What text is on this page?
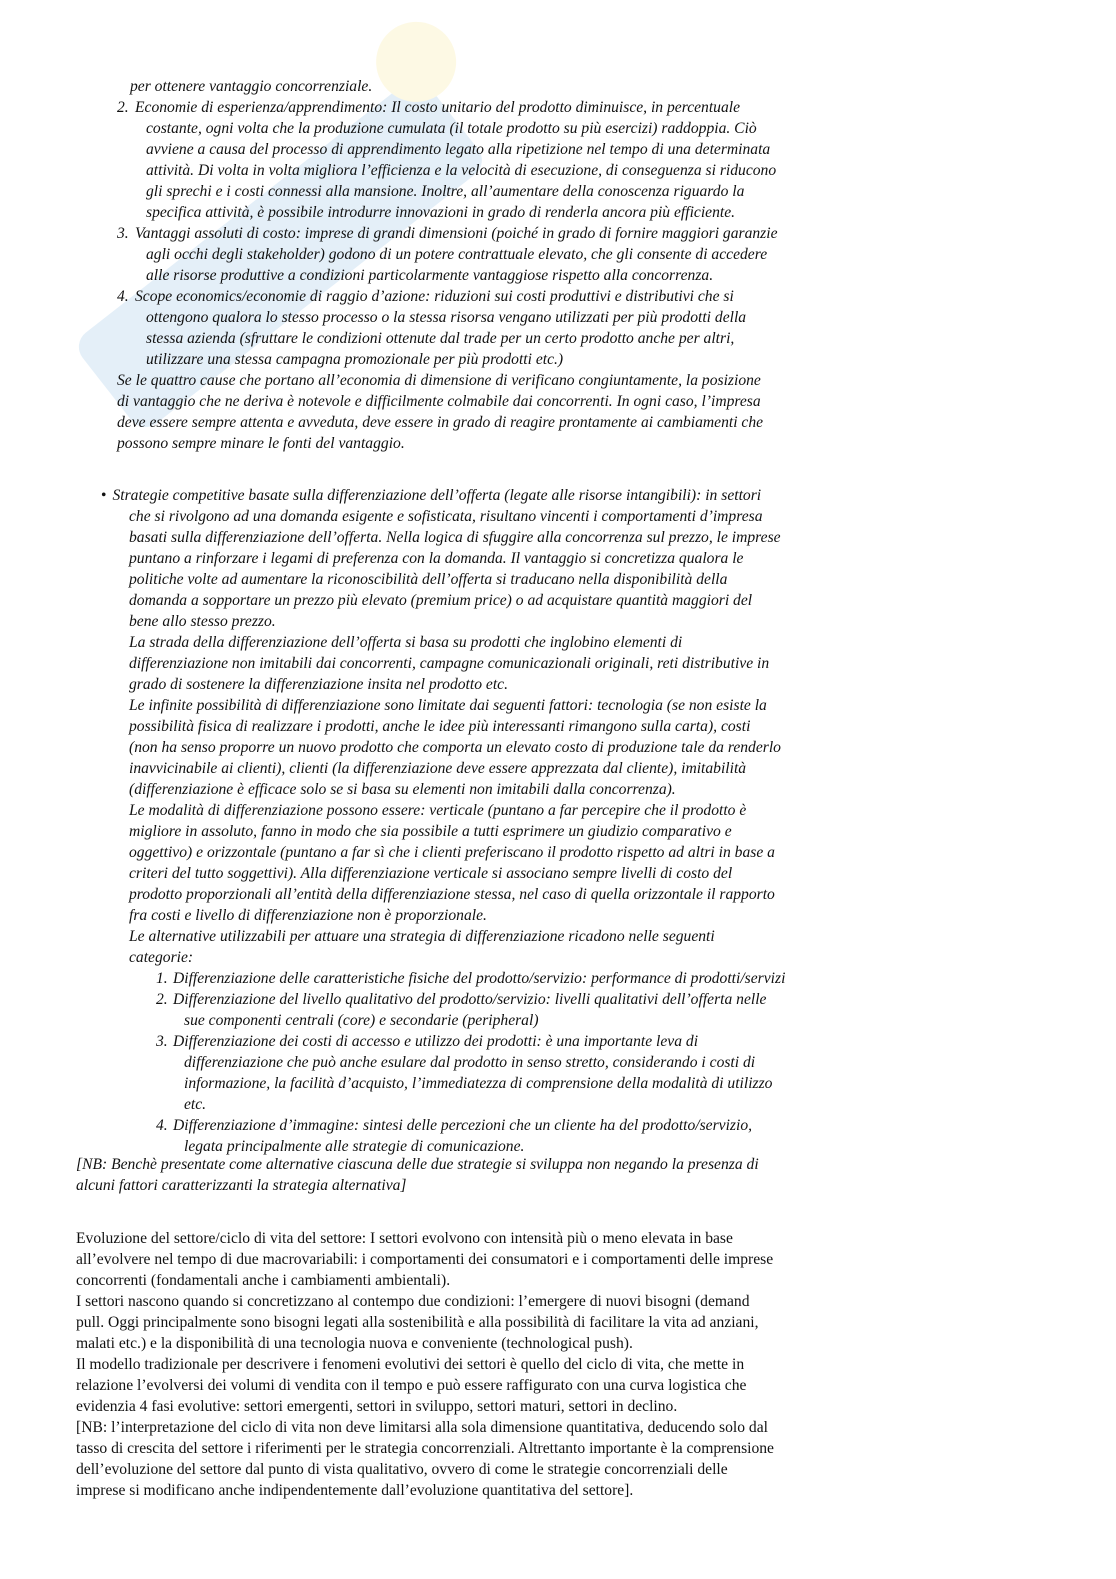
per ottenere vantaggio concorrenziale.
2. Economie di esperienza/apprendimento: Il costo unitario del prodotto diminuisce, in percentuale
costante, ogni volta che la produzione cumulata (il totale prodotto su più esercizi) raddoppia. Ciò
avviene a causa del processo di apprendimento legato alla ripetizione nel tempo di una determinata
attività. Di volta in volta migliora l’efficienza e la velocità di esecuzione, di conseguenza si riducono
gli sprechi e i costi connessi alla mansione. Inoltre, all’aumentare della conoscenza riguardo la
specifica attività, è possibile introdurre innovazioni in grado di renderla ancora più efficiente.
3. Vantaggi assoluti di costo: imprese di grandi dimensioni (poiché in grado di fornire maggiori garanzie
agli occhi degli stakeholder) godono di un potere contrattuale elevato, che gli consente di accedere
alle risorse produttive a condizioni particolarmente vantaggiose rispetto alla concorrenza.
4. Scope economics/economie di raggio d’azione: riduzioni sui costi produttivi e distributivi che si
ottengono qualora lo stesso processo o la stessa risorsa vengano utilizzati per più prodotti della
stessa azienda (sfruttare le condizioni ottenute dal trade per un certo prodotto anche per altri,
utilizzare una stessa campagna promozionale per più prodotti etc.)
Se le quattro cause che portano all’economia di dimensione di verificano congiuntamente, la posizione
di vantaggio che ne deriva è notevole e difficilmente colmabile dai concorrenti. In ogni caso, l’impresa
deve essere sempre attenta e avveduta, deve essere in grado di reagire prontamente ai cambiamenti che
possono sempre minare le fonti del vantaggio.
• Strategie competitive basate sulla differenziazione dell’offerta (legate alle risorse intangibili): in settori
che si rivolgono ad una domanda esigente e sofisticata, risultano vincenti i comportamenti d’impresa
basati sulla differenziazione dell’offerta. Nella logica di sfuggire alla concorrenza sul prezzo, le imprese
puntano a rinforzare i legami di preferenza con la domanda. Il vantaggio si concretizza qualora le
politiche volte ad aumentare la riconoscibilità dell’offerta si traducano nella disponibilità della
domanda a sopportare un prezzo più elevato (premium price) o ad acquistare quantità maggiori del
bene allo stesso prezzo.
La strada della differenziazione dell’offerta si basa su prodotti che inglobino elementi di
differenziazione non imitabili dai concorrenti, campagne comunicazionali originali, reti distributive in
grado di sostenere la differenziazione insita nel prodotto etc.
Le infinite possibilità di differenziazione sono limitate dai seguenti fattori: tecnologia (se non esiste la
possibilità fisica di realizzare i prodotti, anche le idee più interessanti rimangono sulla carta), costi
(non ha senso proporre un nuovo prodotto che comporta un elevato costo di produzione tale da renderlo
inavvicinabile ai clienti), clienti (la differenziazione deve essere apprezzata dal cliente), imitabilità
(differenziazione è efficace solo se si basa su elementi non imitabili dalla concorrenza).
Le modalità di differenziazione possono essere: verticale (puntano a far percepire che il prodotto è
migliore in assoluto, fanno in modo che sia possibile a tutti esprimere un giudizio comparativo e
oggettivo) e orizzontale (puntano a far sì che i clienti preferiscano il prodotto rispetto ad altri in base a
criteri del tutto soggettivi). Alla differenziazione verticale si associano sempre livelli di costo del
prodotto proporzionali all’entità della differenziazione stessa, nel caso di quella orizzontale il rapporto
fra costi e livello di differenziazione non è proporzionale.
Le alternative utilizzabili per attuare una strategia di differenziazione ricadono nelle seguenti
categorie:
1. Differenziazione delle caratteristiche fisiche del prodotto/servizio: performance di prodotti/servizi
2. Differenziazione del livello qualitativo del prodotto/servizio: livelli qualitativi dell’offerta nelle
sue componenti centrali (core) e secondarie (peripheral)
3. Differenziazione dei costi di accesso e utilizzo dei prodotti: è una importante leva di
differenziazione che può anche esulare dal prodotto in senso stretto, considerando i costi di
informazione, la facilità d’acquisto, l’immediatezza di comprensione della modalità di utilizzo
etc.
4. Differenziazione d’immagine: sintesi delle percezioni che un cliente ha del prodotto/servizio,
legata principalmente alle strategie di comunicazione.
[NB: Benchè presentate come alternative ciascuna delle due strategie si sviluppa non negando la presenza di
alcuni fattori caratterizzanti la strategia alternativa]
Evoluzione del settore/ciclo di vita del settore: I settori evolvono con intensità più o meno elevata in base
all’evolvere nel tempo di due macrovariabili: i comportamenti dei consumatori e i comportamenti delle imprese
concorrenti (fondamentali anche i cambiamenti ambientali).
I settori nascono quando si concretizzano al contempo due condizioni: l’emergere di nuovi bisogni (demand
pull. Oggi principalmente sono bisogni legati alla sostenibilità e alla possibilità di facilitare la vita ad anziani,
malati etc.) e la disponibilità di una tecnologia nuova e conveniente (technological push).
Il modello tradizionale per descrivere i fenomeni evolutivi dei settori è quello del ciclo di vita, che mette in
relazione l’evolversi dei volumi di vendita con il tempo e può essere raffigurato con una curva logistica che
evidenzia 4 fasi evolutive: settori emergenti, settori in sviluppo, settori maturi, settori in declino.
[NB: l’interpretazione del ciclo di vita non deve limitarsi alla sola dimensione quantitativa, deducendo solo dal
tasso di crescita del settore i riferimenti per le strategia concorrenziali. Altrettanto importante è la comprensione
dell’evoluzione del settore dal punto di vista qualitativo, ovvero di come le strategie concorrenziali delle
imprese si modificano anche indipendentemente dall’evoluzione quantitativa del settore].
